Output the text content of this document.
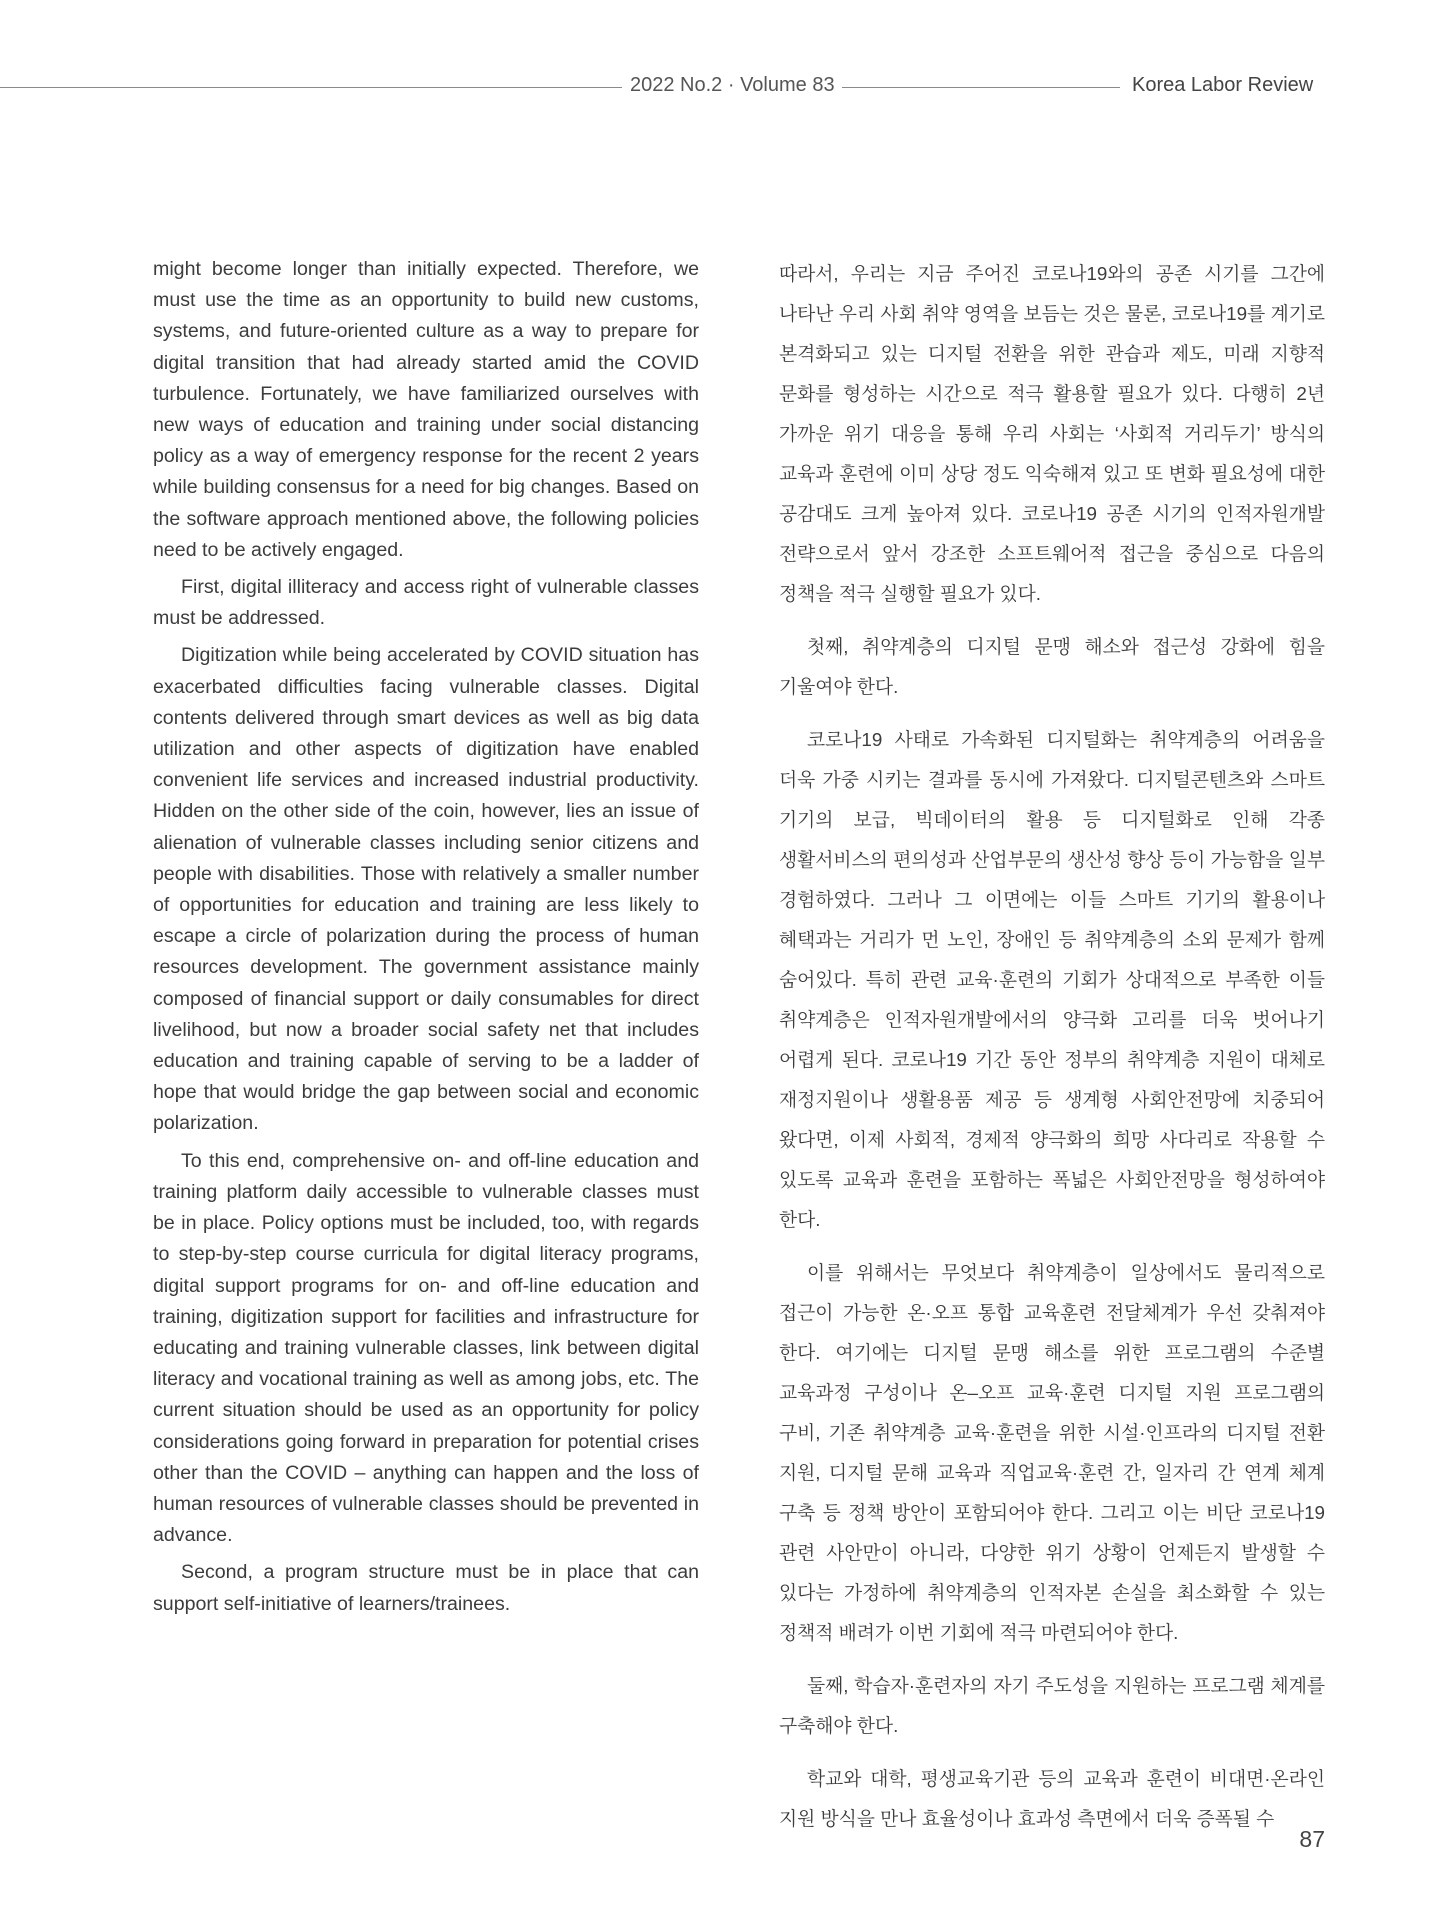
2022 No.2 · Volume 83	Korea Labor Review

might become longer than initially expected. Therefore, we must use the time as an opportunity to build new customs, systems, and future-oriented culture as a way to prepare for digital transition that had already started amid the COVID turbulence. Fortunately, we have familiarized ourselves with new ways of education and training under social distancing policy as a way of emergency response for the recent 2 years while building consensus for a need for big changes. Based on the software approach mentioned above, the following policies need to be actively engaged.

First, digital illiteracy and access right of vulnerable classes must be addressed.

Digitization while being accelerated by COVID situation has exacerbated difficulties facing vulnerable classes. Digital contents delivered through smart devices as well as big data utilization and other aspects of digitization have enabled convenient life services and increased industrial productivity. Hidden on the other side of the coin, however, lies an issue of alienation of vulnerable classes including senior citizens and people with disabilities. Those with relatively a smaller number of opportunities for education and training are less likely to escape a circle of polarization during the process of human resources development. The government assistance mainly composed of financial support or daily consumables for direct livelihood, but now a broader social safety net that includes education and training capable of serving to be a ladder of hope that would bridge the gap between social and economic polarization.

To this end, comprehensive on- and off-line education and training platform daily accessible to vulnerable classes must be in place. Policy options must be included, too, with regards to step-by-step course curricula for digital literacy programs, digital support programs for on- and off-line education and training, digitization support for facilities and infrastructure for educating and training vulnerable classes, link between digital literacy and vocational training as well as among jobs, etc. The current situation should be used as an opportunity for policy considerations going forward in preparation for potential crises other than the COVID – anything can happen and the loss of human resources of vulnerable classes should be prevented in advance.

Second, a program structure must be in place that can support self-initiative of learners/trainees.

따라서, 우리는 지금 주어진 코로나19와의 공존 시기를 그간에 나타난 우리 사회 취약 영역을 보듬는 것은 물론, 코로나19를 계기로 본격화되고 있는 디지털 전환을 위한 관습과 제도, 미래 지향적 문화를 형성하는 시간으로 적극 활용할 필요가 있다. 다행히 2년 가까운 위기 대응을 통해 우리 사회는 ‘사회적 거리두기’ 방식의 교육과 훈련에 이미 상당 정도 익숙해져 있고 또 변화 필요성에 대한 공감대도 크게 높아져 있다. 코로나19 공존 시기의 인적자원개발 전략으로서 앞서 강조한 소프트웨어적 접근을 중심으로 다음의 정책을 적극 실행할 필요가 있다.

첫째, 취약계층의 디지털 문맹 해소와 접근성 강화에 힘을 기울여야 한다.

코로나19 사태로 가속화된 디지털화는 취약계층의 어려움을 더욱 가중 시키는 결과를 동시에 가져왔다. 디지털콘텐츠와 스마트 기기의 보급, 빅데이터의 활용 등 디지털화로 인해 각종 생활서비스의 편의성과 산업부문의 생산성 향상 등이 가능함을 일부 경험하였다. 그러나 그 이면에는 이들 스마트 기기의 활용이나 혜택과는 거리가 먼 노인, 장애인 등 취약계층의 소외 문제가 함께 숨어있다. 특히 관련 교육·훈련의 기회가 상대적으로 부족한 이들 취약계층은 인적자원개발에서의 양극화 고리를 더욱 벗어나기 어렵게 된다. 코로나19 기간 동안 정부의 취약계층 지원이 대체로 재정지원이나 생활용품 제공 등 생계형 사회안전망에 치중되어 왔다면, 이제 사회적, 경제적 양극화의 희망 사다리로 작용할 수 있도록 교육과 훈련을 포함하는 폭넓은 사회안전망을 형성하여야 한다.

이를 위해서는 무엇보다 취약계층이 일상에서도 물리적으로 접근이 가능한 온·오프 통합 교육훈련 전달체계가 우선 갖춰져야 한다. 여기에는 디지털 문맹 해소를 위한 프로그램의 수준별 교육과정 구성이나 온–오프 교육·훈련 디지털 지원 프로그램의 구비, 기존 취약계층 교육·훈련을 위한 시설·인프라의 디지털 전환 지원, 디지털 문해 교육과 직업교육·훈련 간, 일자리 간 연계 체계 구축 등 정책 방안이 포함되어야 한다. 그리고 이는 비단 코로나19 관련 사안만이 아니라, 다양한 위기 상황이 언제든지 발생할 수 있다는 가정하에 취약계층의 인적자본 손실을 최소화할 수 있는 정책적 배려가 이번 기회에 적극 마련되어야 한다.

둘째, 학습자·훈련자의 자기 주도성을 지원하는 프로그램 체계를 구축해야 한다.

학교와 대학, 평생교육기관 등의 교육과 훈련이 비대면·온라인 지원 방식을 만나 효율성이나 효과성 측면에서 더욱 증폭될 수

87
